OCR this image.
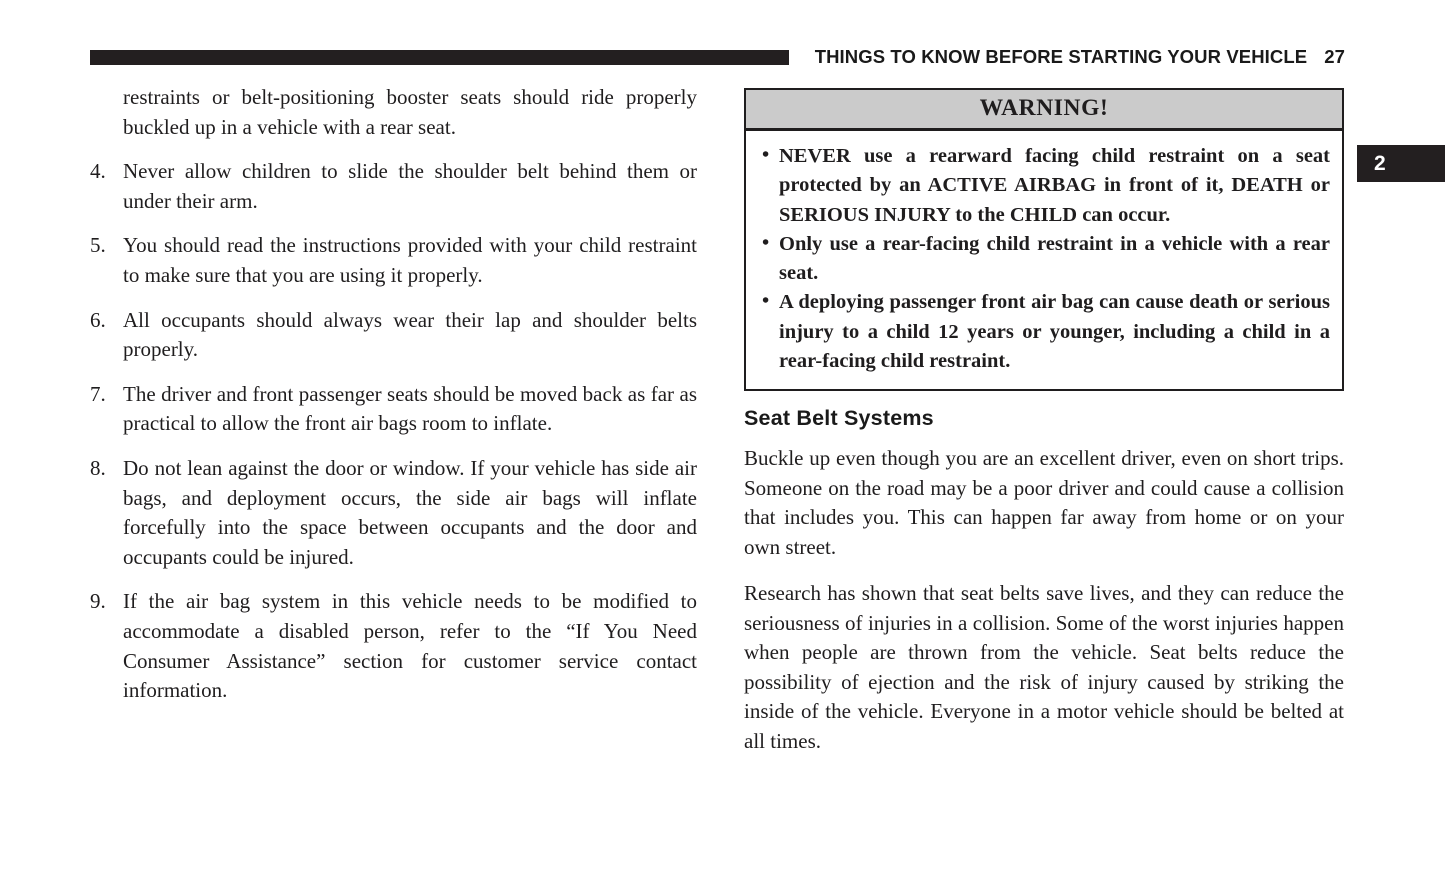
THINGS TO KNOW BEFORE STARTING YOUR VEHICLE 27
2

restraints or belt-positioning booster seats should ride properly buckled up in a vehicle with a rear seat.

4. Never allow children to slide the shoulder belt behind them or under their arm.
5. You should read the instructions provided with your child restraint to make sure that you are using it properly.
6. All occupants should always wear their lap and shoulder belts properly.
7. The driver and front passenger seats should be moved back as far as practical to allow the front air bags room to inflate.
8. Do not lean against the door or window. If your vehicle has side air bags, and deployment occurs, the side air bags will inflate forcefully into the space between occupants and the door and occupants could be injured.
9. If the air bag system in this vehicle needs to be modified to accommodate a disabled person, refer to the “If You Need Consumer Assistance” section for customer service contact information.
WARNING!
• NEVER use a rearward facing child restraint on a seat protected by an ACTIVE AIRBAG in front of it, DEATH or SERIOUS INJURY to the CHILD can occur.
• Only use a rear-facing child restraint in a vehicle with a rear seat.
• A deploying passenger front air bag can cause death or serious injury to a child 12 years or younger, including a child in a rear-facing child restraint.
Seat Belt Systems

Buckle up even though you are an excellent driver, even on short trips. Someone on the road may be a poor driver and could cause a collision that includes you. This can happen far away from home or on your own street.

Research has shown that seat belts save lives, and they can reduce the seriousness of injuries in a collision. Some of the worst injuries happen when people are thrown from the vehicle. Seat belts reduce the possibility of ejection and the risk of injury caused by striking the inside of the vehicle. Everyone in a motor vehicle should be belted at all times.
